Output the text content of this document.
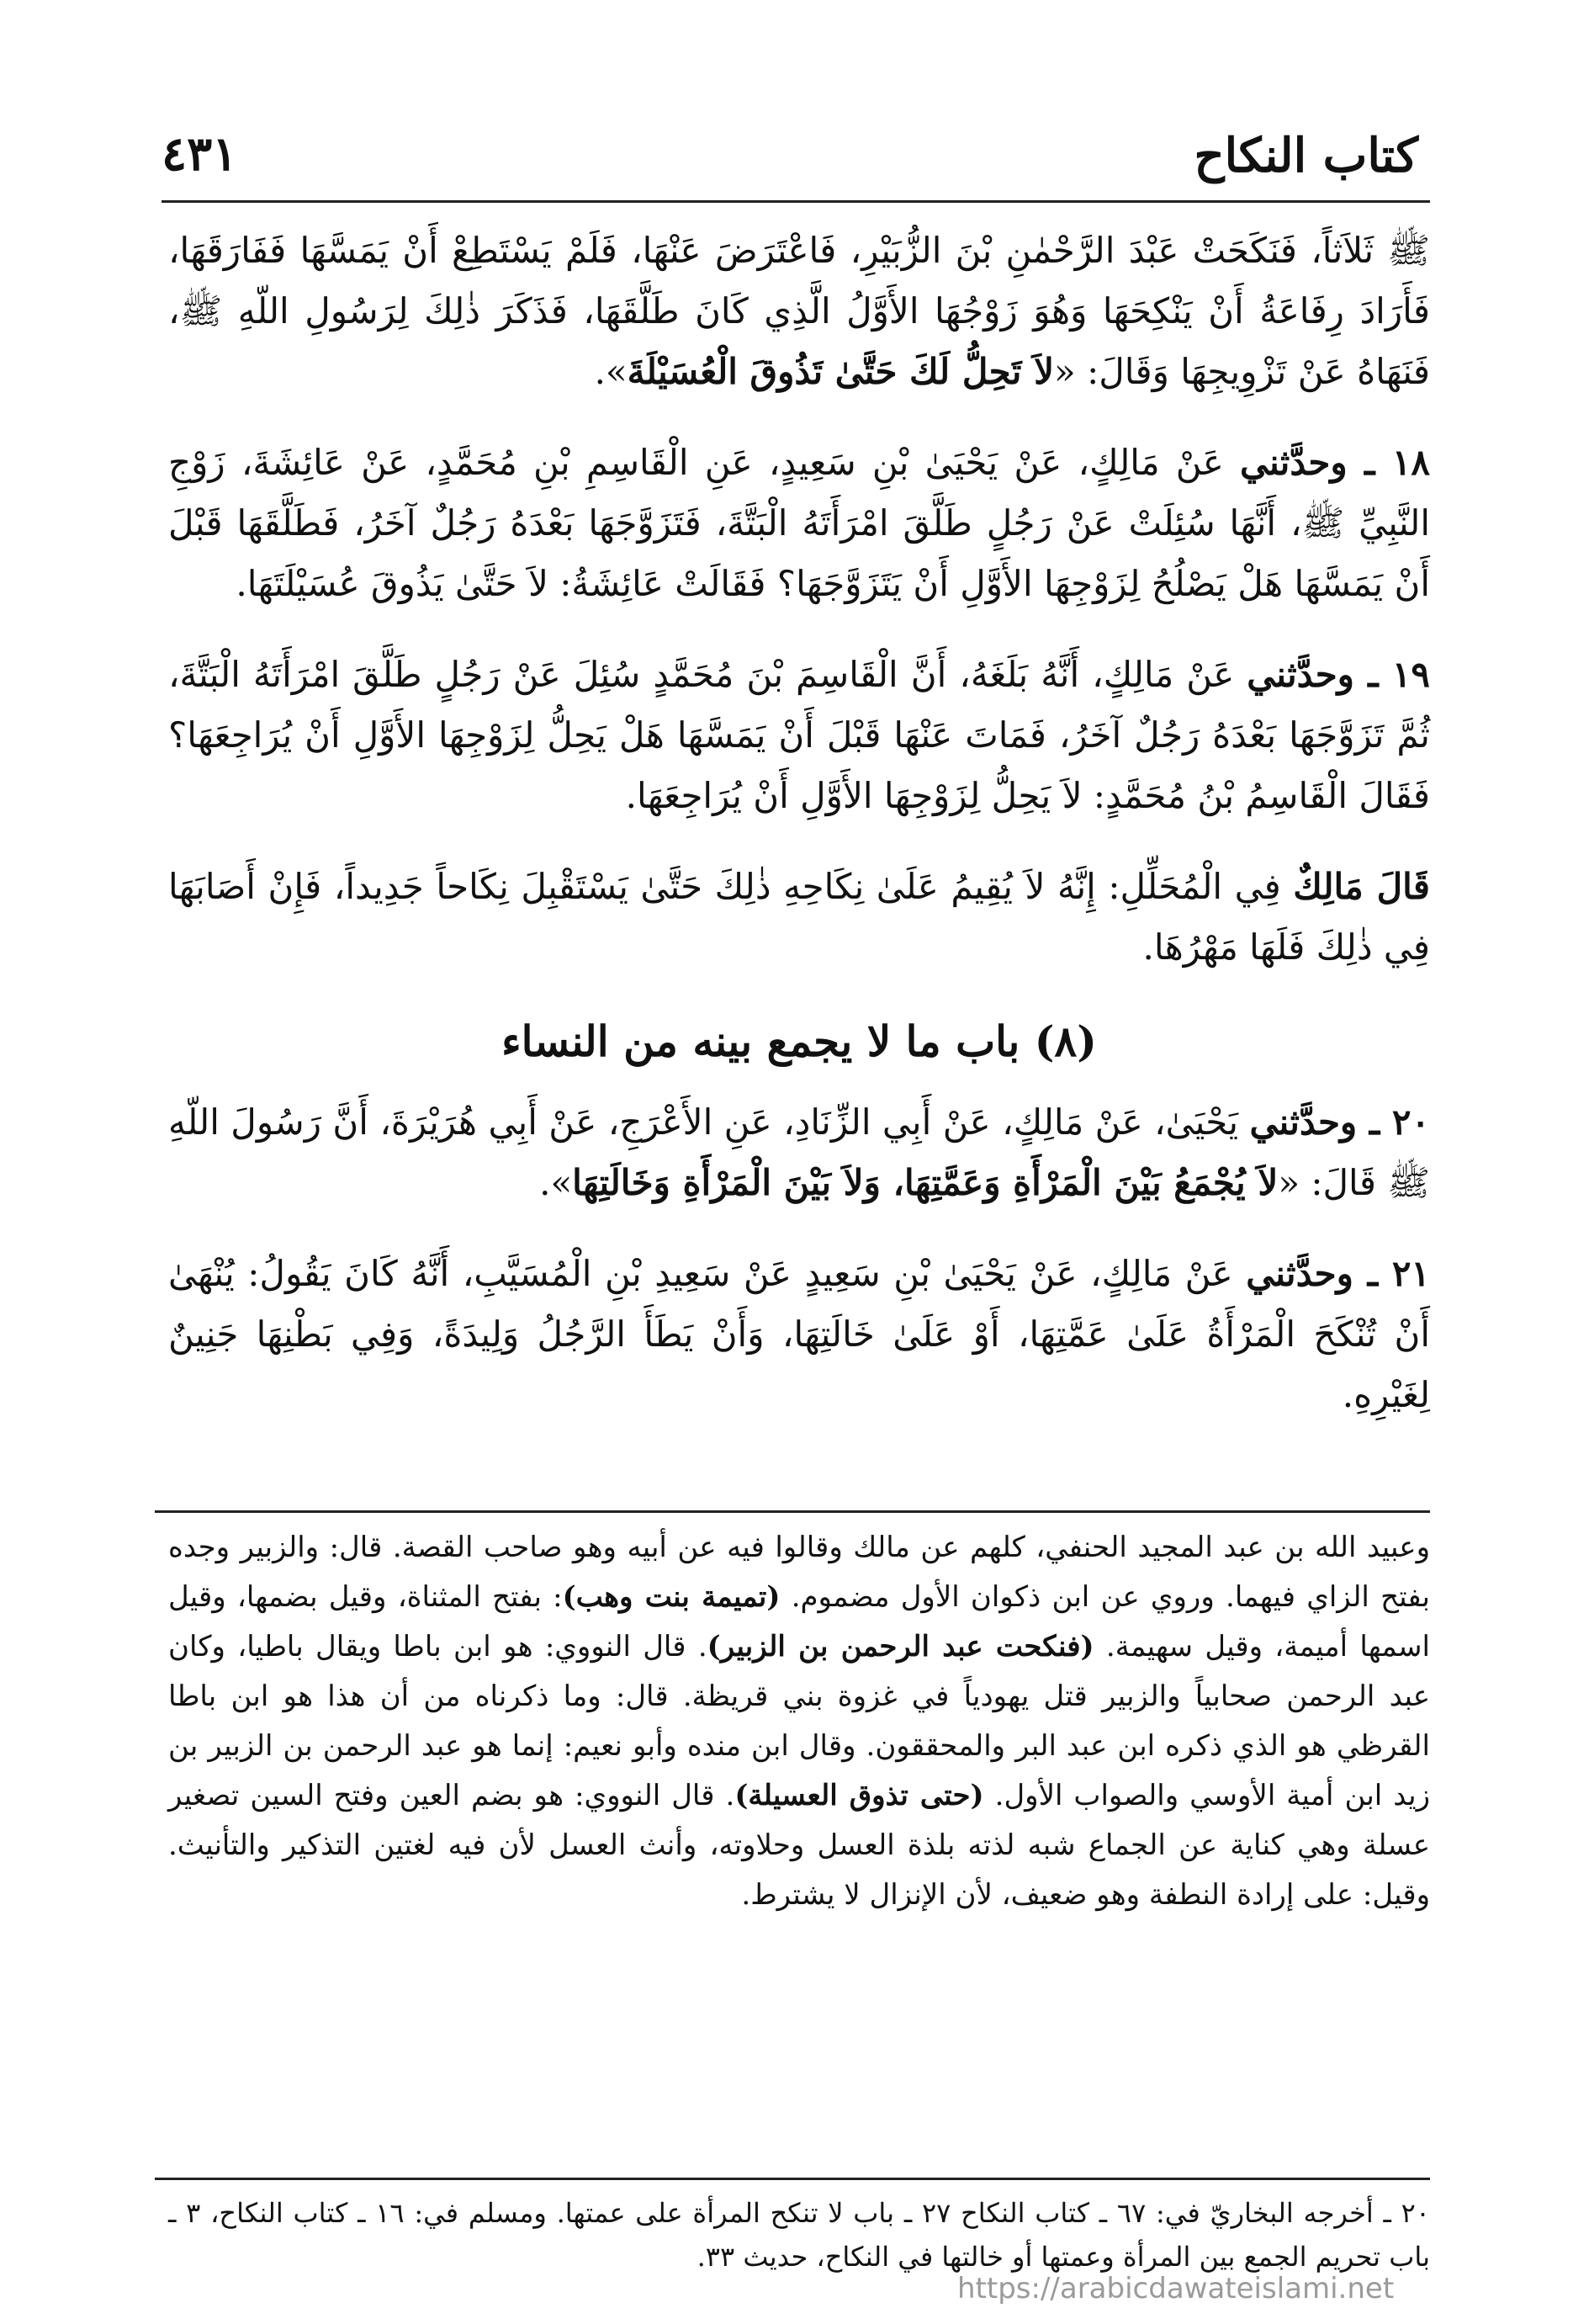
كتاب النكاح
٤٣١

ﷺ ثَلاَثاً، فَنَكَحَتْ عَبْدَ الرَّحْمٰنِ بْنَ الزُّبَيْرِ، فَاعْتَرَضَ عَنْهَا، فَلَمْ يَسْتَطِعْ أَنْ يَمَسَّهَا فَفَارَقَهَا، فَأَرَادَ رِفَاعَةُ أَنْ يَنْكِحَهَا وَهُوَ زَوْجُهَا الأَوَّلُ الَّذِي كَانَ طَلَّقَهَا، فَذَكَرَ ذٰلِكَ لِرَسُولِ اللّهِ ﷺ، فَنَهَاهُ عَنْ تَزْوِيجِهَا وَقَالَ: «لاَ تَحِلُّ لَكَ حَتَّىٰ تَذُوقَ الْعُسَيْلَةَ».

١٨ ـ وحدَّثني عَنْ مَالِكٍ، عَنْ يَحْيَىٰ بْنِ سَعِيدٍ، عَنِ الْقَاسِمِ بْنِ مُحَمَّدٍ، عَنْ عَائِشَةَ، زَوْجِ النَّبِيِّ ﷺ، أَنَّهَا سُئِلَتْ عَنْ رَجُلٍ طَلَّقَ امْرَأَتَهُ الْبَتَّةَ، فَتَزَوَّجَهَا بَعْدَهُ رَجُلٌ آخَرُ، فَطَلَّقَهَا قَبْلَ أَنْ يَمَسَّهَا هَلْ يَصْلُحُ لِزَوْجِهَا الأَوَّلِ أَنْ يَتَزَوَّجَهَا؟ فَقَالَتْ عَائِشَةُ: لاَ حَتَّىٰ يَذُوقَ عُسَيْلَتَهَا.

١٩ ـ وحدَّثني عَنْ مَالِكٍ، أَنَّهُ بَلَغَهُ، أَنَّ الْقَاسِمَ بْنَ مُحَمَّدٍ سُئِلَ عَنْ رَجُلٍ طَلَّقَ امْرَأَتَهُ الْبَتَّةَ، ثُمَّ تَزَوَّجَهَا بَعْدَهُ رَجُلٌ آخَرُ، فَمَاتَ عَنْهَا قَبْلَ أَنْ يَمَسَّهَا هَلْ يَحِلُّ لِزَوْجِهَا الأَوَّلِ أَنْ يُرَاجِعَهَا؟ فَقَالَ الْقَاسِمُ بْنُ مُحَمَّدٍ: لاَ يَحِلُّ لِزَوْجِهَا الأَوَّلِ أَنْ يُرَاجِعَهَا.

قَالَ مَالِكٌ فِي الْمُحَلِّلِ: إِنَّهُ لاَ يُقِيمُ عَلَىٰ نِكَاحِهِ ذٰلِكَ حَتَّىٰ يَسْتَقْبِلَ نِكَاحاً جَدِيداً، فَإِنْ أَصَابَهَا فِي ذٰلِكَ فَلَهَا مَهْرُهَا.

(٨) باب ما لا يجمع بينه من النساء

٢٠ ـ وحدَّثني يَحْيَىٰ، عَنْ مَالِكٍ، عَنْ أَبِي الزِّنَادِ، عَنِ الأَعْرَجِ، عَنْ أَبِي هُرَيْرَةَ، أَنَّ رَسُولَ اللّهِ ﷺ قَالَ: «لاَ يُجْمَعُ بَيْنَ الْمَرْأَةِ وَعَمَّتِهَا، وَلاَ بَيْنَ الْمَرْأَةِ وَخَالَتِهَا».

٢١ ـ وحدَّثني عَنْ مَالِكٍ، عَنْ يَحْيَىٰ بْنِ سَعِيدٍ عَنْ سَعِيدِ بْنِ الْمُسَيَّبِ، أَنَّهُ كَانَ يَقُولُ: يُنْهَىٰ أَنْ تُنْكَحَ الْمَرْأَةُ عَلَىٰ عَمَّتِهَا، أَوْ عَلَىٰ خَالَتِهَا، وَأَنْ يَطَأَ الرَّجُلُ وَلِيدَةً، وَفِي بَطْنِهَا جَنِينٌ لِغَيْرِهِ.

وعبيد الله بن عبد المجيد الحنفي، كلهم عن مالك وقالوا فيه عن أبيه وهو صاحب القصة. قال: والزبير وجده بفتح الزاي فيهما. وروي عن ابن ذكوان الأول مضموم. (تميمة بنت وهب): بفتح المثناة، وقيل بضمها، وقيل اسمها أميمة، وقيل سهيمة. (فنكحت عبد الرحمن بن الزبير). قال النووي: هو ابن باطا ويقال باطيا، وكان عبد الرحمن صحابياً والزبير قتل يهودياً في غزوة بني قريظة. قال: وما ذكرناه من أن هذا هو ابن باطا القرظي هو الذي ذكره ابن عبد البر والمحققون. وقال ابن منده وأبو نعيم: إنما هو عبد الرحمن بن الزبير بن زيد ابن أمية الأوسي والصواب الأول. (حتى تذوق العسيلة). قال النووي: هو بضم العين وفتح السين تصغير عسلة وهي كناية عن الجماع شبه لذته بلذة العسل وحلاوته، وأنث العسل لأن فيه لغتين التذكير والتأنيث. وقيل: على إرادة النطفة وهو ضعيف، لأن الإنزال لا يشترط.

٢٠ ـ أخرجه البخاريّ في: ٦٧ ـ كتاب النكاح ٢٧ ـ باب لا تنكح المرأة على عمتها. ومسلم في: ١٦ ـ كتاب النكاح، ٣ ـ باب تحريم الجمع بين المرأة وعمتها أو خالتها في النكاح، حديث ٣٣.

https://arabicdawateislami.net
